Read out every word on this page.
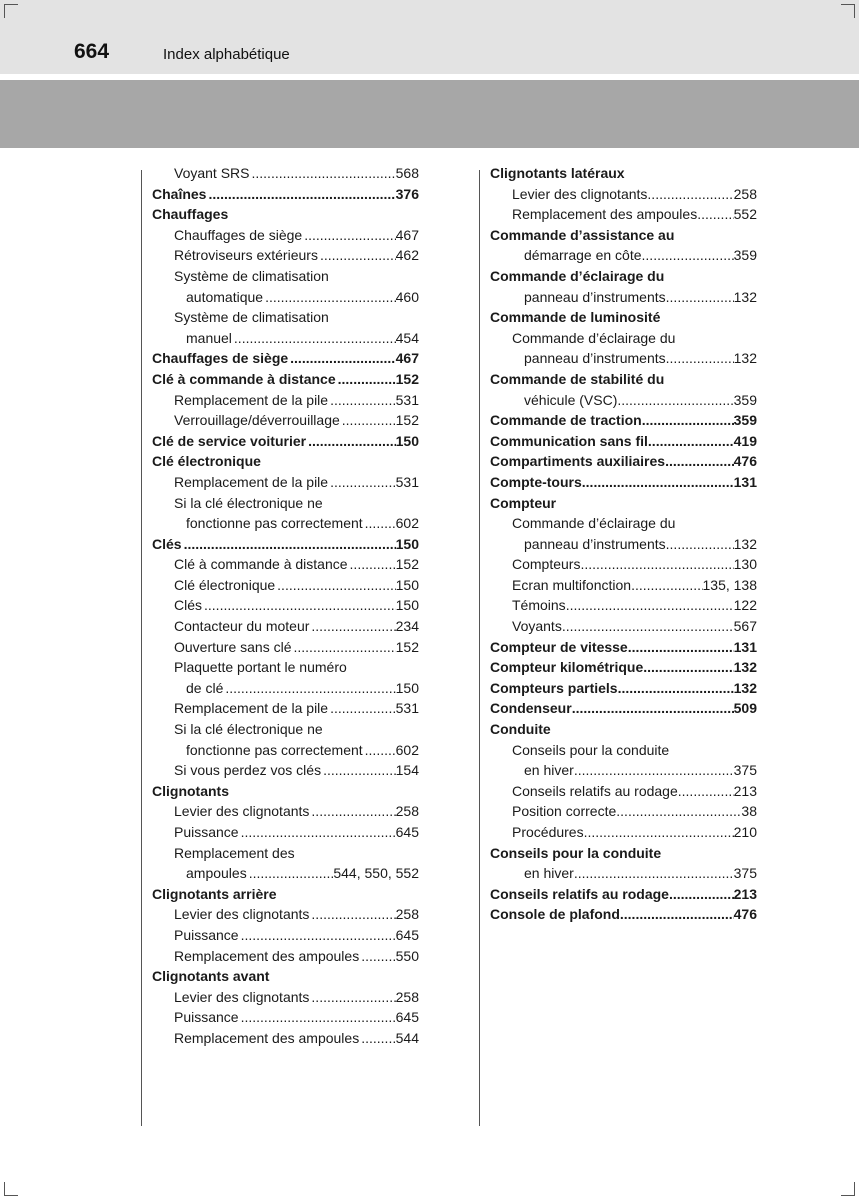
664	Index alphabétique
Voyant SRS .....	568
Chaînes .....	376
Chauffages
Chauffages de siège .....	467
Rétroviseurs extérieurs .....	462
Système de climatisation
automatique .....	460
Système de climatisation
manuel .....	454
Chauffages de siège .....	467
Clé à commande à distance .....	152
Remplacement de la pile .....	531
Verrouillage/déverrouillage .....	152
Clé de service voiturier .....	150
Clé électronique
Remplacement de la pile .....	531
Si la clé électronique ne
fonctionne pas correctement ..... 602
Clés .....	150
Clé à commande à distance .....	152
Clé électronique .....	150
Clés .....	150
Contacteur du moteur .....	234
Ouverture sans clé .....	152
Plaquette portant le numéro
de clé .....	150
Remplacement de la pile .....	531
Si la clé électronique ne
fonctionne pas correctement ..... 602
Si vous perdez vos clés .....	154
Clignotants
Levier des clignotants .....	258
Puissance .....	645
Remplacement des
ampoules .....	544, 550, 552
Clignotants arrière
Levier des clignotants .....	258
Puissance .....	645
Remplacement des ampoules .....	550
Clignotants avant
Levier des clignotants .....	258
Puissance .....	645
Remplacement des ampoules .....	544
Clignotants latéraux
Levier des clignotants .....	258
Remplacement des ampoules .....	552
Commande d’assistance au
démarrage en côte .....	359
Commande d’éclairage du
panneau d’instruments. .....	132
Commande de luminosité
Commande d’éclairage du
panneau d’instruments .....	132
Commande de stabilité du
véhicule (VSC) .....	359
Commande de traction .....	359
Communication sans fil .....	419
Compartiments auxiliaires .....	476
Compte-tours .....	131
Compteur
Commande d’éclairage du
panneau d’instruments .....	132
Compteurs .....	130
Ecran multifonction .....	135, 138
Témoins .....	122
Voyants .....	567
Compteur de vitesse .....	131
Compteur kilométrique .....	132
Compteurs partiels .....	132
Condenseur .....	509
Conduite
Conseils pour la conduite
en hiver .....	375
Conseils relatifs au rodage .....	213
Position correcte .....	38
Procédures .....	210
Conseils pour la conduite
en hiver .....	375
Conseils relatifs au rodage .....	213
Console de plafond .....	476
